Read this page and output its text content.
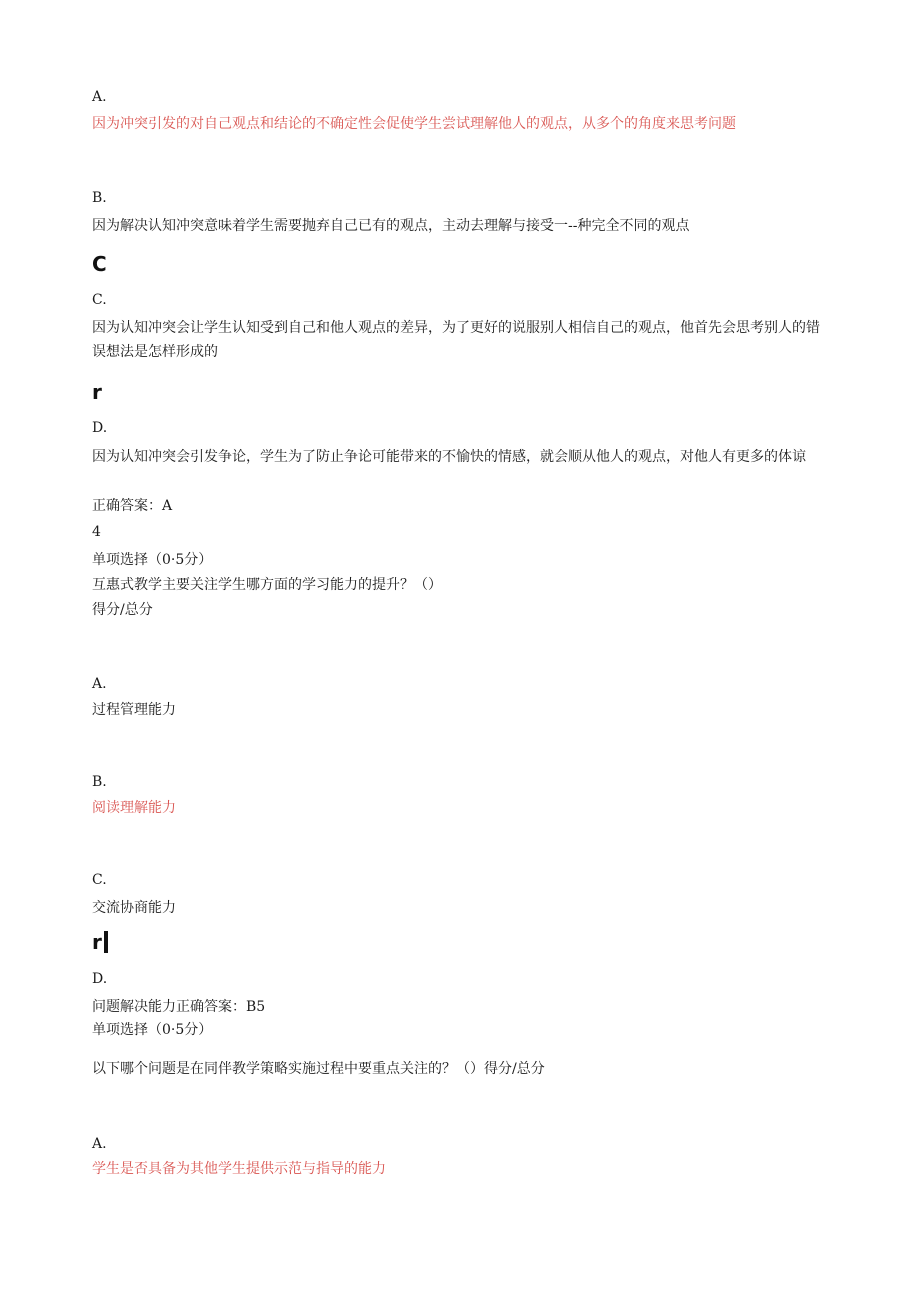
A.
因为冲突引发的对自己观点和结论的不确定性会促使学生尝试理解他人的观点，从多个的角度来思考问题
B.
因为解决认知冲突意味着学生需要抛弃自己已有的观点，主动去理解与接受一--种完全不同的观点
C
C.
因为认知冲突会让学生认知受到自己和他人观点的差异，为了更好的说服别人相信自己的观点，他首先会思考别人的错误想法是怎样形成的
r
D.
因为认知冲突会引发争论，学生为了防止争论可能带来的不愉快的情感，就会顺从他人的观点，对他人有更多的体谅
正确答案：A
4
单项选择（0·5分）
互惠式教学主要关注学生哪方面的学习能力的提升？（）
得分/总分
A.
过程管理能力
B.
阅读理解能力
C.
交流协商能力
r
D.
问题解决能力正确答案：B5
单项选择（0·5分）
以下哪个问题是在同伴教学策略实施过程中要重点关注的？（）得分/总分
A.
学生是否具备为其他学生提供示范与指导的能力
